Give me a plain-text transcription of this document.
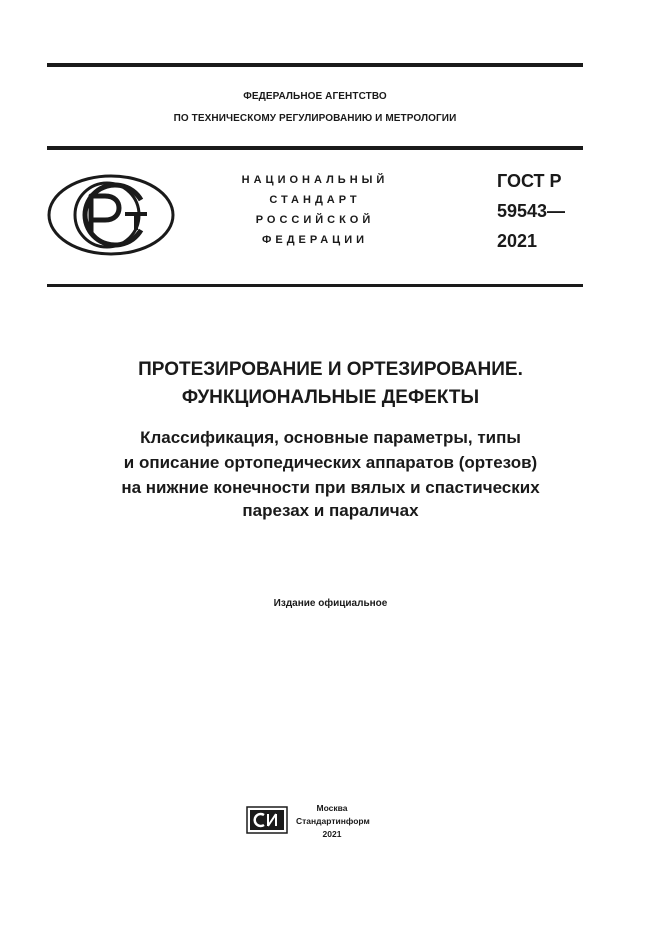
ФЕДЕРАЛЬНОЕ АГЕНТСТВО
ПО ТЕХНИЧЕСКОМУ РЕГУЛИРОВАНИЮ И МЕТРОЛОГИИ
НАЦИОНАЛЬНЫЙ
СТАНДАРТ
РОССИЙСКОЙ
ФЕДЕРАЦИИ
ГОСТ Р
59543—
2021
ПРОТЕЗИРОВАНИЕ И ОРТЕЗИРОВАНИЕ.
ФУНКЦИОНАЛЬНЫЕ ДЕФЕКТЫ
Классификация, основные параметры, типы
и описание ортопедических аппаратов (ортезов)
на нижние конечности при вялых и спастических
парезах и параличах
Издание официальное
Москва
Стандартинформ
2021
